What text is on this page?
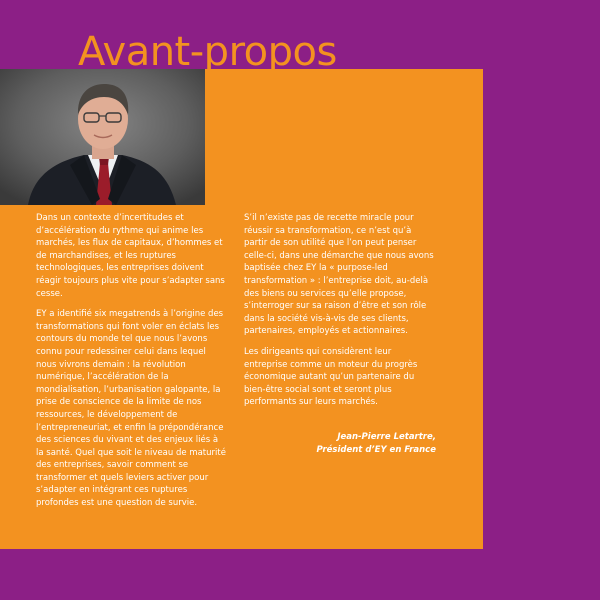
Avant-propos

Dans un contexte d’incertitudes et d’accélération du rythme qui anime les marchés, les flux de capitaux, d’hommes et de marchandises, et les ruptures technologiques, les entreprises doivent réagir toujours plus vite pour s’adapter sans cesse.

EY a identifié six megatrends à l’origine des transformations qui font voler en éclats les contours du monde tel que nous l’avons connu pour redessiner celui dans lequel nous vivrons demain : la révolution numérique, l’accélération de la mondialisation, l’urbanisation galopante, la prise de conscience de la limite de nos ressources, le développement de l’entrepreneuriat, et enfin la prépondérance des sciences du vivant et des enjeux liés à la santé. Quel que soit le niveau de maturité des entreprises, savoir comment se transformer et quels leviers activer pour s’adapter en intégrant ces ruptures profondes est une question de survie.

S’il n’existe pas de recette miracle pour réussir sa transformation, ce n’est qu’à partir de son utilité que l’on peut penser celle-ci, dans une démarche que nous avons baptisée chez EY la « purpose-led transformation » : l’entreprise doit, au-delà des biens ou services qu’elle propose, s’interroger sur sa raison d’être et son rôle dans la société vis-à-vis de ses clients, partenaires, employés et actionnaires.

Les dirigeants qui considèrent leur entreprise comme un moteur du progrès économique autant qu’un partenaire du bien-être social sont et seront plus performants sur leurs marchés.

Jean-Pierre Letartre,
Président d’EY en France
